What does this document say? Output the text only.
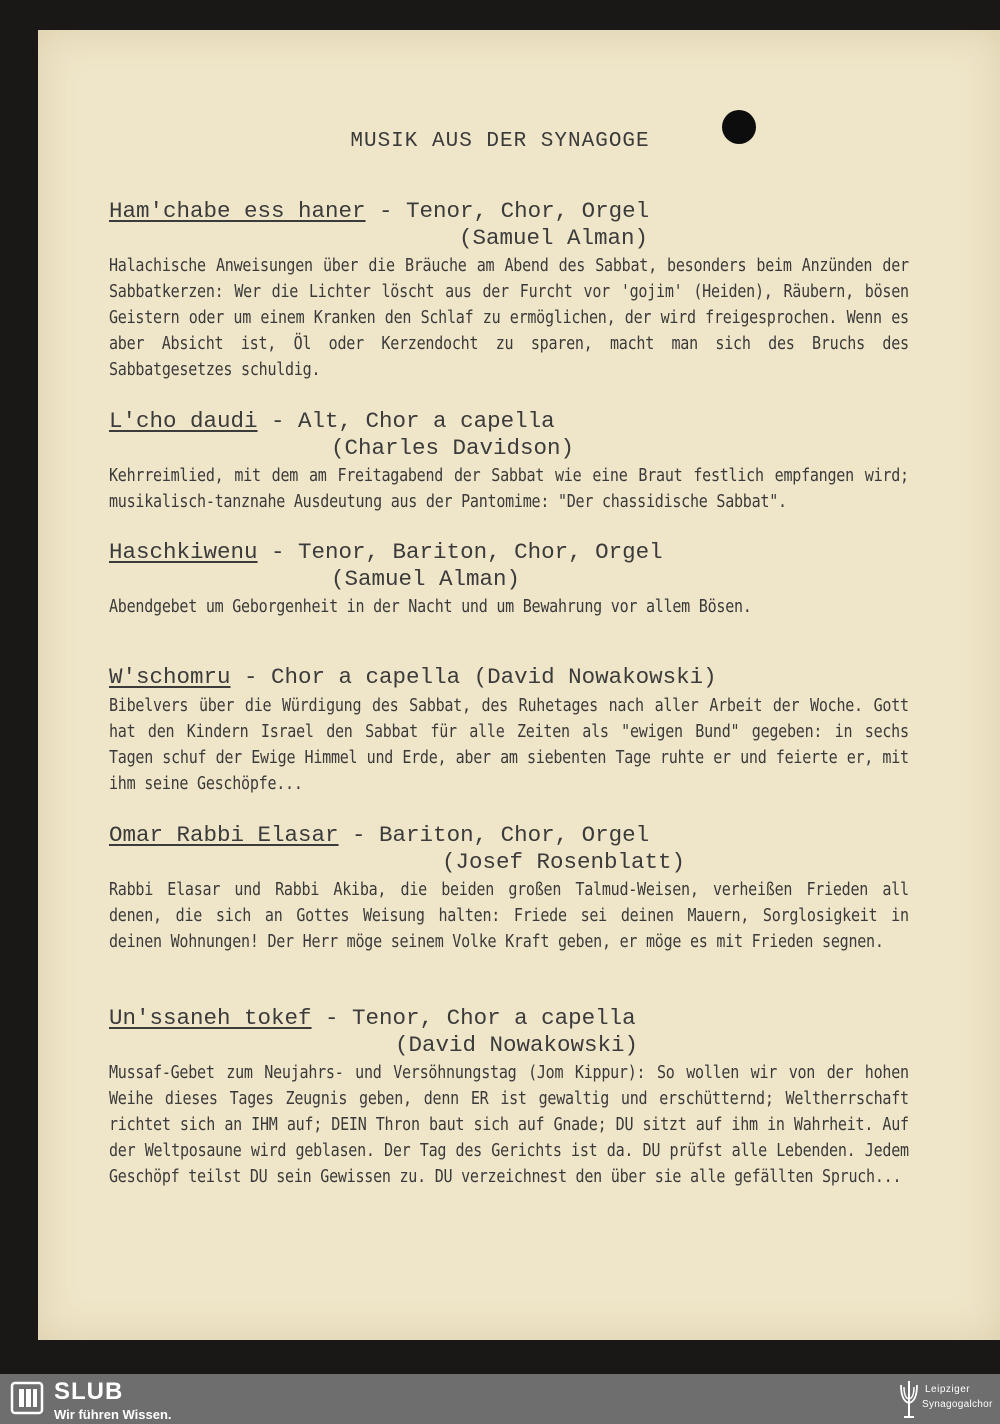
MUSIK AUS DER SYNAGOGE
Ham'chabe ess haner - Tenor, Chor, Orgel
(Samuel Alman)
Halachische Anweisungen über die Bräuche am Abend des Sabbat, besonders beim Anzünden der Sabbatkerzen: Wer die Lichter löscht aus der Furcht vor 'gojim' (Heiden), Räubern, bösen Geistern oder um einem Kranken den Schlaf zu ermöglichen, der wird freigesprochen. Wenn es aber Absicht ist, Öl oder Kerzendocht zu sparen, macht man sich des Bruchs des Sabbatgesetzes schuldig.
L'cho daudi - Alt, Chor a capella
(Charles Davidson)
Kehrreimlied, mit dem am Freitagabend der Sabbat wie eine Braut festlich empfangen wird; musikalisch-tanznahe Ausdeutung aus der Pantomime: "Der chassidische Sabbat".
Haschkiwenu - Tenor, Bariton, Chor, Orgel
(Samuel Alman)
Abendgebet um Geborgenheit in der Nacht und um Bewahrung vor allem Bösen.
W'schomru - Chor a capella (David Nowakowski)
Bibelvers über die Würdigung des Sabbat, des Ruhetages nach aller Arbeit der Woche. Gott hat den Kindern Israel den Sabbat für alle Zeiten als "ewigen Bund" gegeben: in sechs Tagen schuf der Ewige Himmel und Erde, aber am siebenten Tage ruhte er und feierte er, mit ihm seine Geschöpfe...
Omar Rabbi Elasar - Bariton, Chor, Orgel
(Josef Rosenblatt)
Rabbi Elasar und Rabbi Akiba, die beiden großen Talmud-Weisen, verheißen Frieden all denen, die sich an Gottes Weisung halten: Friede sei deinen Mauern, Sorglosigkeit in deinen Wohnungen! Der Herr möge seinem Volke Kraft geben, er möge es mit Frieden segnen.
Un'ssaneh tokef - Tenor, Chor a capella
(David Nowakowski)
Mussaf-Gebet zum Neujahrs- und Versöhnungstag (Jom Kippur): So wollen wir von der hohen Weihe dieses Tages Zeugnis geben, denn ER ist gewaltig und erschütternd; Weltherrschaft richtet sich an IHM auf; DEIN Thron baut sich auf Gnade; DU sitzt auf ihm in Wahrheit. Auf der Weltposaune wird geblasen. Der Tag des Gerichts ist da. DU prüfst alle Lebenden. Jedem Geschöpf teilst DU sein Gewissen zu. DU verzeichnest den über sie alle gefällten Spruch...
SLUB
Wir führen Wissen.
Leipziger
Synagogalchor
